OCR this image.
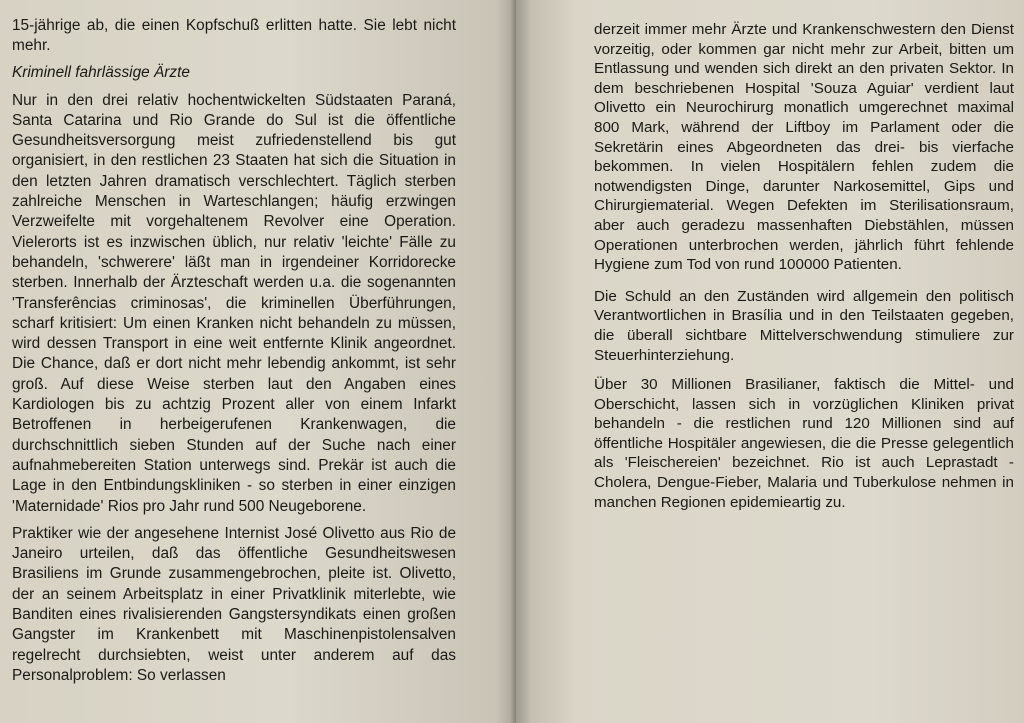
15-jährige ab, die einen Kopfschuß erlitten hatte. Sie lebt nicht mehr.

Kriminell fahrlässige Ärzte

Nur in den drei relativ hochentwickelten Südstaaten Paraná, Santa Catarina und Rio Grande do Sul ist die öffentliche Gesundheitsversorgung meist zufriedenstellend bis gut organisiert, in den restlichen 23 Staaten hat sich die Situation in den letzten Jahren dramatisch verschlechtert. Täglich sterben zahlreiche Menschen in Warteschlangen; häufig erzwingen Verzweifelte mit vorgehaltenem Revolver eine Operation. Vielerorts ist es inzwischen üblich, nur relativ 'leichte' Fälle zu behandeln, 'schwerere' läßt man in irgendeiner Korridorecke sterben. Innerhalb der Ärzteschaft werden u.a. die sogenannten 'Transferências criminosas', die kriminellen Überführungen, scharf kritisiert: Um einen Kranken nicht behandeln zu müssen, wird dessen Transport in eine weit entfernte Klinik angeordnet. Die Chance, daß er dort nicht mehr lebendig ankommt, ist sehr groß. Auf diese Weise sterben laut den Angaben eines Kardiologen bis zu achtzig Prozent aller von einem Infarkt Betroffenen in herbeigerufenen Krankenwagen, die durchschnittlich sieben Stunden auf der Suche nach einer aufnahmebereiten Station unterwegs sind. Prekär ist auch die Lage in den Entbindungskliniken - so sterben in einer einzigen 'Maternidade' Rios pro Jahr rund 500 Neugeborene.

Praktiker wie der angesehene Internist José Olivetto aus Rio de Janeiro urteilen, daß das öffentliche Gesundheitswesen Brasiliens im Grunde zusammengebrochen, pleite ist. Olivetto, der an seinem Arbeitsplatz in einer Privatklinik miterlebte, wie Banditen eines rivalisierenden Gangstersyndikats einen großen Gangster im Krankenbett mit Maschinenpistolensalven regelrecht durchsiebten, weist unter anderem auf das Personalproblem: So verlassen

derzeit immer mehr Ärzte und Krankenschwestern den Dienst vorzeitig, oder kommen gar nicht mehr zur Arbeit, bitten um Entlassung und wenden sich direkt an den privaten Sektor. In dem beschriebenen Hospital 'Souza Aguiar' verdient laut Olivetto ein Neurochirurg monatlich umgerechnet maximal 800 Mark, während der Liftboy im Parlament oder die Sekretärin eines Abgeordneten das drei- bis vierfache bekommen. In vielen Hospitälern fehlen zudem die notwendigsten Dinge, darunter Narkosemittel, Gips und Chirurgiematerial. Wegen Defekten im Sterilisationsraum, aber auch geradezu massenhaften Diebstählen, müssen Operationen unterbrochen werden, jährlich führt fehlende Hygiene zum Tod von rund 100000 Patienten.

Die Schuld an den Zuständen wird allgemein den politisch Verantwortlichen in Brasília und in den Teilstaaten gegeben, die überall sichtbare Mittelverschwendung stimuliere zur Steuerhinterziehung.

Über 30 Millionen Brasilianer, faktisch die Mittel- und Oberschicht, lassen sich in vorzüglichen Kliniken privat behandeln - die restlichen rund 120 Millionen sind auf öffentliche Hospitäler angewiesen, die die Presse gelegentlich als 'Fleischereien' bezeichnet. Rio ist auch Leprastadt - Cholera, Dengue-Fieber, Malaria und Tuberkulose nehmen in manchen Regionen epidemieartig zu.
